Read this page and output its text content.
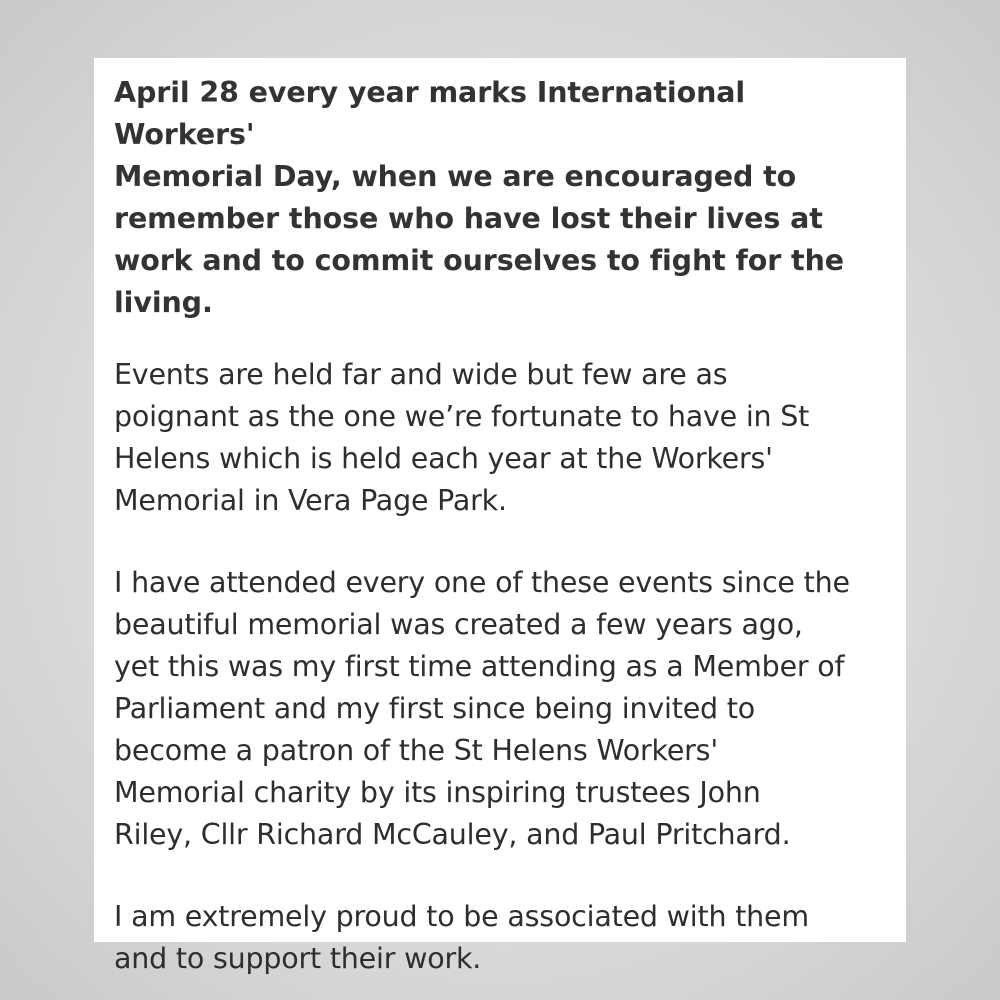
April 28 every year marks International Workers'
Memorial Day, when we are encouraged to
remember those who have lost their lives at
work and to commit ourselves to fight for the
living.

Events are held far and wide but few are as
poignant as the one we’re fortunate to have in St
Helens which is held each year at the Workers'
Memorial in Vera Page Park.

I have attended every one of these events since the
beautiful memorial was created a few years ago,
yet this was my first time attending as a Member of
Parliament and my first since being invited to
become a patron of the St Helens Workers'
Memorial charity by its inspiring trustees John
Riley, Cllr Richard McCauley, and Paul Pritchard.

I am extremely proud to be associated with them
and to support their work.
